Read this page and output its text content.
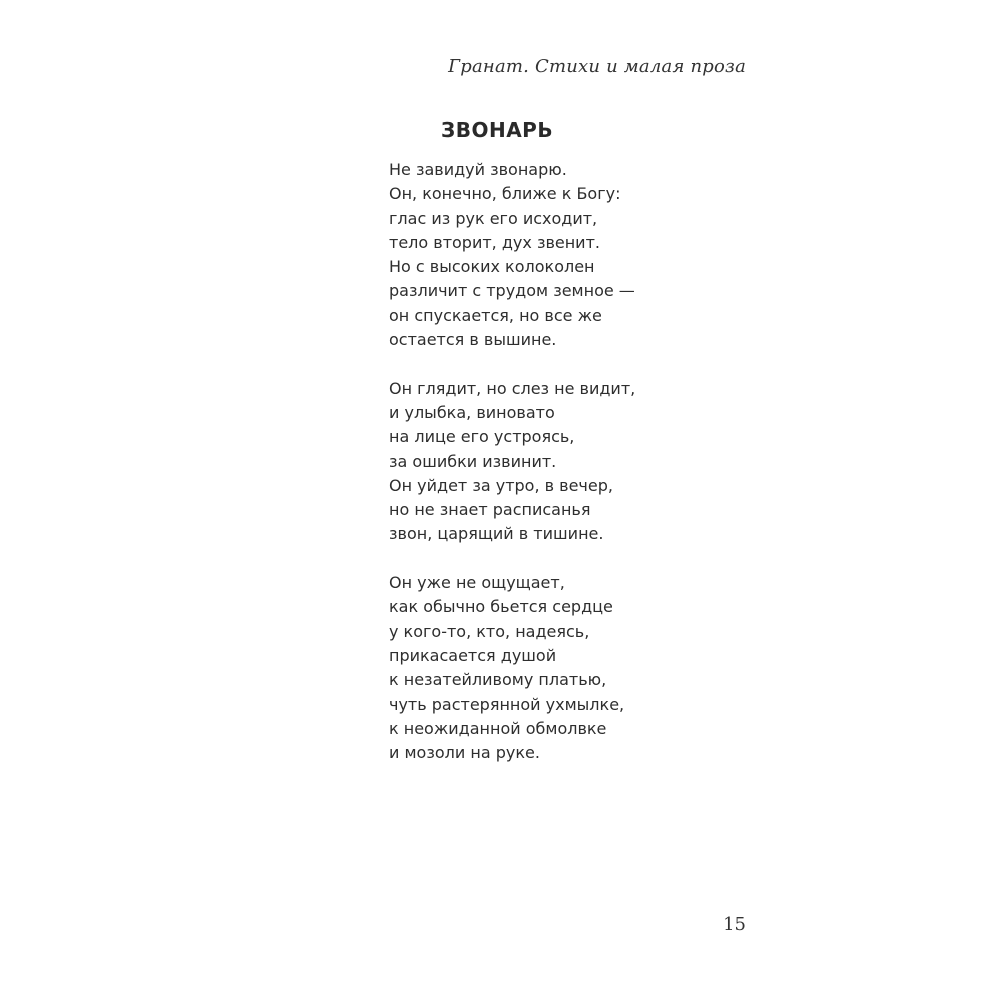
Гранат. Стихи и малая проза
ЗВОНАРЬ
Не завидуй звонарю.
Он, конечно, ближе к Богу:
глас из рук его исходит,
тело вторит, дух звенит.
Но с высоких колоколен
различит с трудом земное —
он спускается, но все же
остается в вышине.
Он глядит, но слез не видит,
и улыбка, виновато
на лице его устроясь,
за ошибки извинит.
Он уйдет за утро, в вечер,
но не знает расписанья
звон, царящий в тишине.
Он уже не ощущает,
как обычно бьется сердце
у кого-то, кто, надеясь,
прикасается душой
к незатейливому платью,
чуть растерянной ухмылке,
к неожиданной обмолвке
и мозоли на руке.
15
